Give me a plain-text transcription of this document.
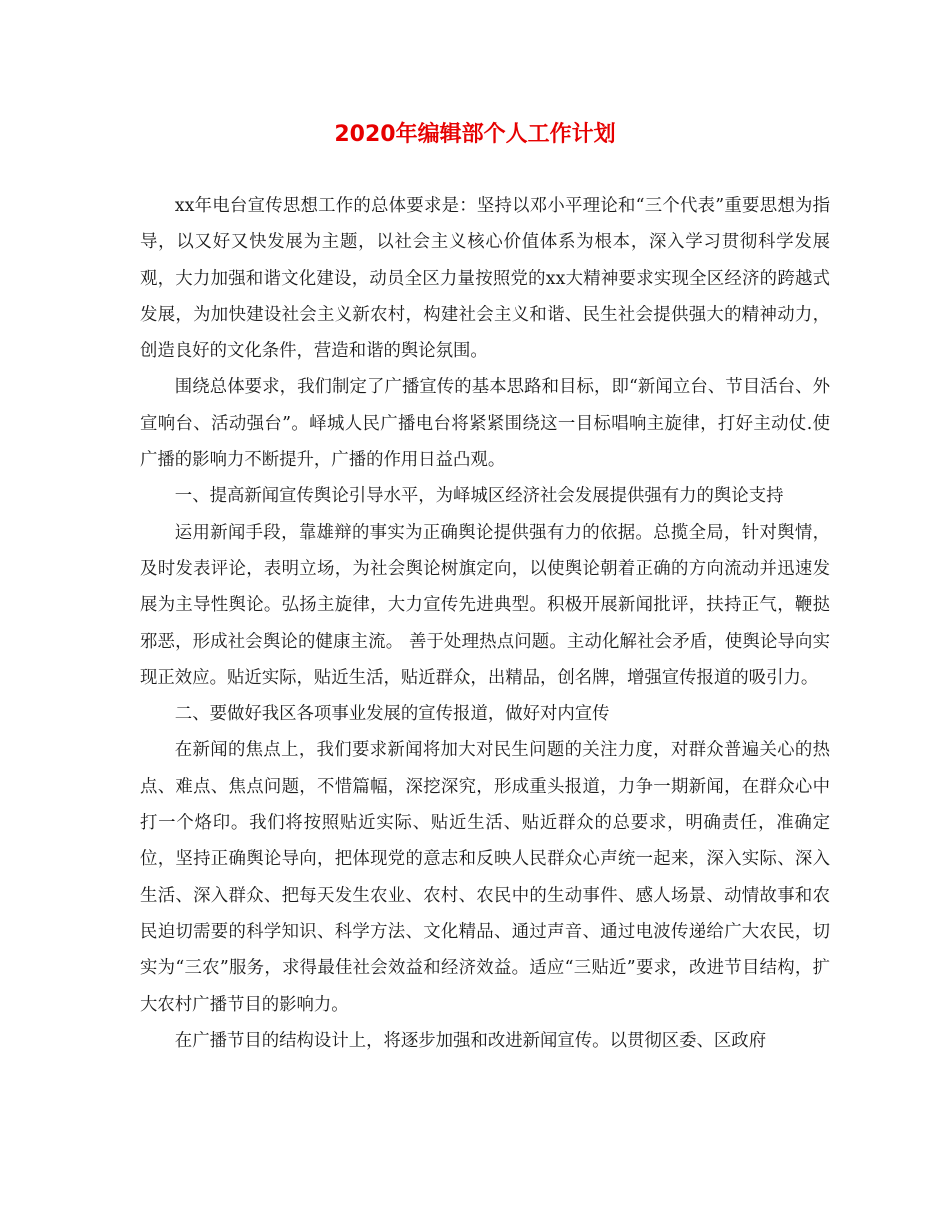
2020年编辑部个人工作计划

xx年电台宣传思想工作的总体要求是：坚持以邓小平理论和“三个代表”重要思想为指导，以又好又快发展为主题，以社会主义核心价值体系为根本，深入学习贯彻科学发展观，大力加强和谐文化建设，动员全区力量按照党的xx大精神要求实现全区经济的跨越式发展，为加快建设社会主义新农村，构建社会主义和谐、民生社会提供强大的精神动力，创造良好的文化条件，营造和谐的舆论氛围。

围绕总体要求，我们制定了广播宣传的基本思路和目标，即“新闻立台、节目活台、外宣响台、活动强台”。峄城人民广播电台将紧紧围绕这一目标唱响主旋律，打好主动仗.使广播的影响力不断提升，广播的作用日益凸观。

一、提高新闻宣传舆论引导水平，为峄城区经济社会发展提供强有力的舆论支持

运用新闻手段，靠雄辩的事实为正确舆论提供强有力的依据。总揽全局，针对舆情，及时发表评论，表明立场，为社会舆论树旗定向，以使舆论朝着正确的方向流动并迅速发展为主导性舆论。弘扬主旋律，大力宣传先进典型。积极开展新闻批评，扶持正气，鞭挞邪恶，形成社会舆论的健康主流。 善于处理热点问题。主动化解社会矛盾，使舆论导向实现正效应。贴近实际，贴近生活，贴近群众，出精品，创名牌，增强宣传报道的吸引力。

二、要做好我区各项事业发展的宣传报道，做好对内宣传

在新闻的焦点上，我们要求新闻将加大对民生问题的关注力度，对群众普遍关心的热点、难点、焦点问题，不惜篇幅，深挖深究，形成重头报道，力争一期新闻，在群众心中打一个烙印。我们将按照贴近实际、贴近生活、贴近群众的总要求，明确责任，准确定位，坚持正确舆论导向，把体现党的意志和反映人民群众心声统一起来，深入实际、深入生活、深入群众、把每天发生农业、农村、农民中的生动事件、感人场景、动情故事和农民迫切需要的科学知识、科学方法、文化精品、通过声音、通过电波传递给广大农民，切实为“三农”服务，求得最佳社会效益和经济效益。适应“三贴近”要求，改进节目结构，扩大农村广播节目的影响力。

在广播节目的结构设计上，将逐步加强和改进新闻宣传。以贯彻区委、区政府
